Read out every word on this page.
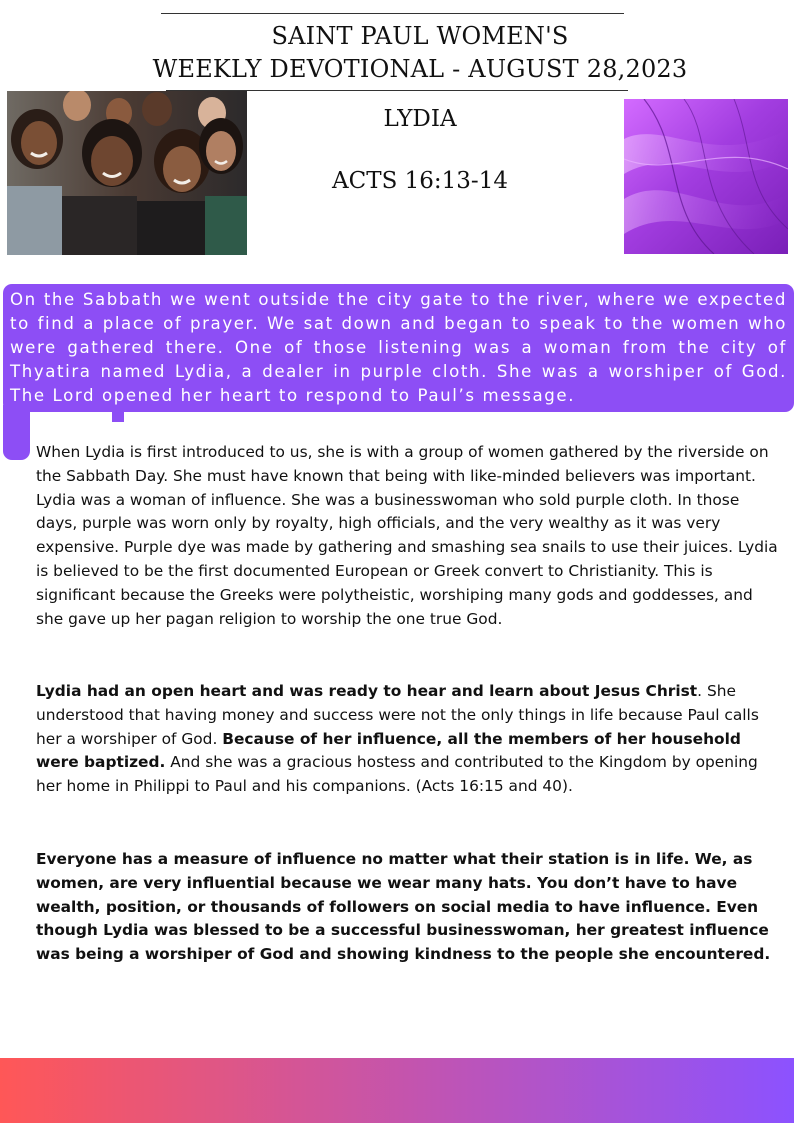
SAINT PAUL WOMEN'S
WEEKLY DEVOTIONAL - AUGUST 28,2023
LYDIA
ACTS 16:13-14

On the Sabbath we went outside the city gate to the river, where we expected to find a place of prayer. We sat down and began to speak to the women who were gathered there. One of those listening was a woman from the city of Thyatira named Lydia, a dealer in purple cloth. She was a worshiper of God. The Lord opened her heart to respond to Paul’s message.

When Lydia is first introduced to us, she is with a group of women gathered by the riverside on the Sabbath Day. She must have known that being with like-minded believers was important. Lydia was a woman of influence. She was a businesswoman who sold purple cloth. In those days, purple was worn only by royalty, high officials, and the very wealthy as it was very expensive. Purple dye was made by gathering and smashing sea snails to use their juices. Lydia is believed to be the first documented European or Greek convert to Christianity. This is significant because the Greeks were polytheistic, worshiping many gods and goddesses, and she gave up her pagan religion to worship the one true God.

Lydia had an open heart and was ready to hear and learn about Jesus Christ. She understood that having money and success were not the only things in life because Paul calls her a worshiper of God. Because of her influence, all the members of her household were baptized. And she was a gracious hostess and contributed to the Kingdom by opening her home in Philippi to Paul and his companions. (Acts 16:15 and 40).

Everyone has a measure of influence no matter what their station is in life. We, as women, are very influential because we wear many hats. You don’t have to have wealth, position, or thousands of followers on social media to have influence. Even though Lydia was blessed to be a successful businesswoman, her greatest influence was being a worshiper of God and showing kindness to the people she encountered.
